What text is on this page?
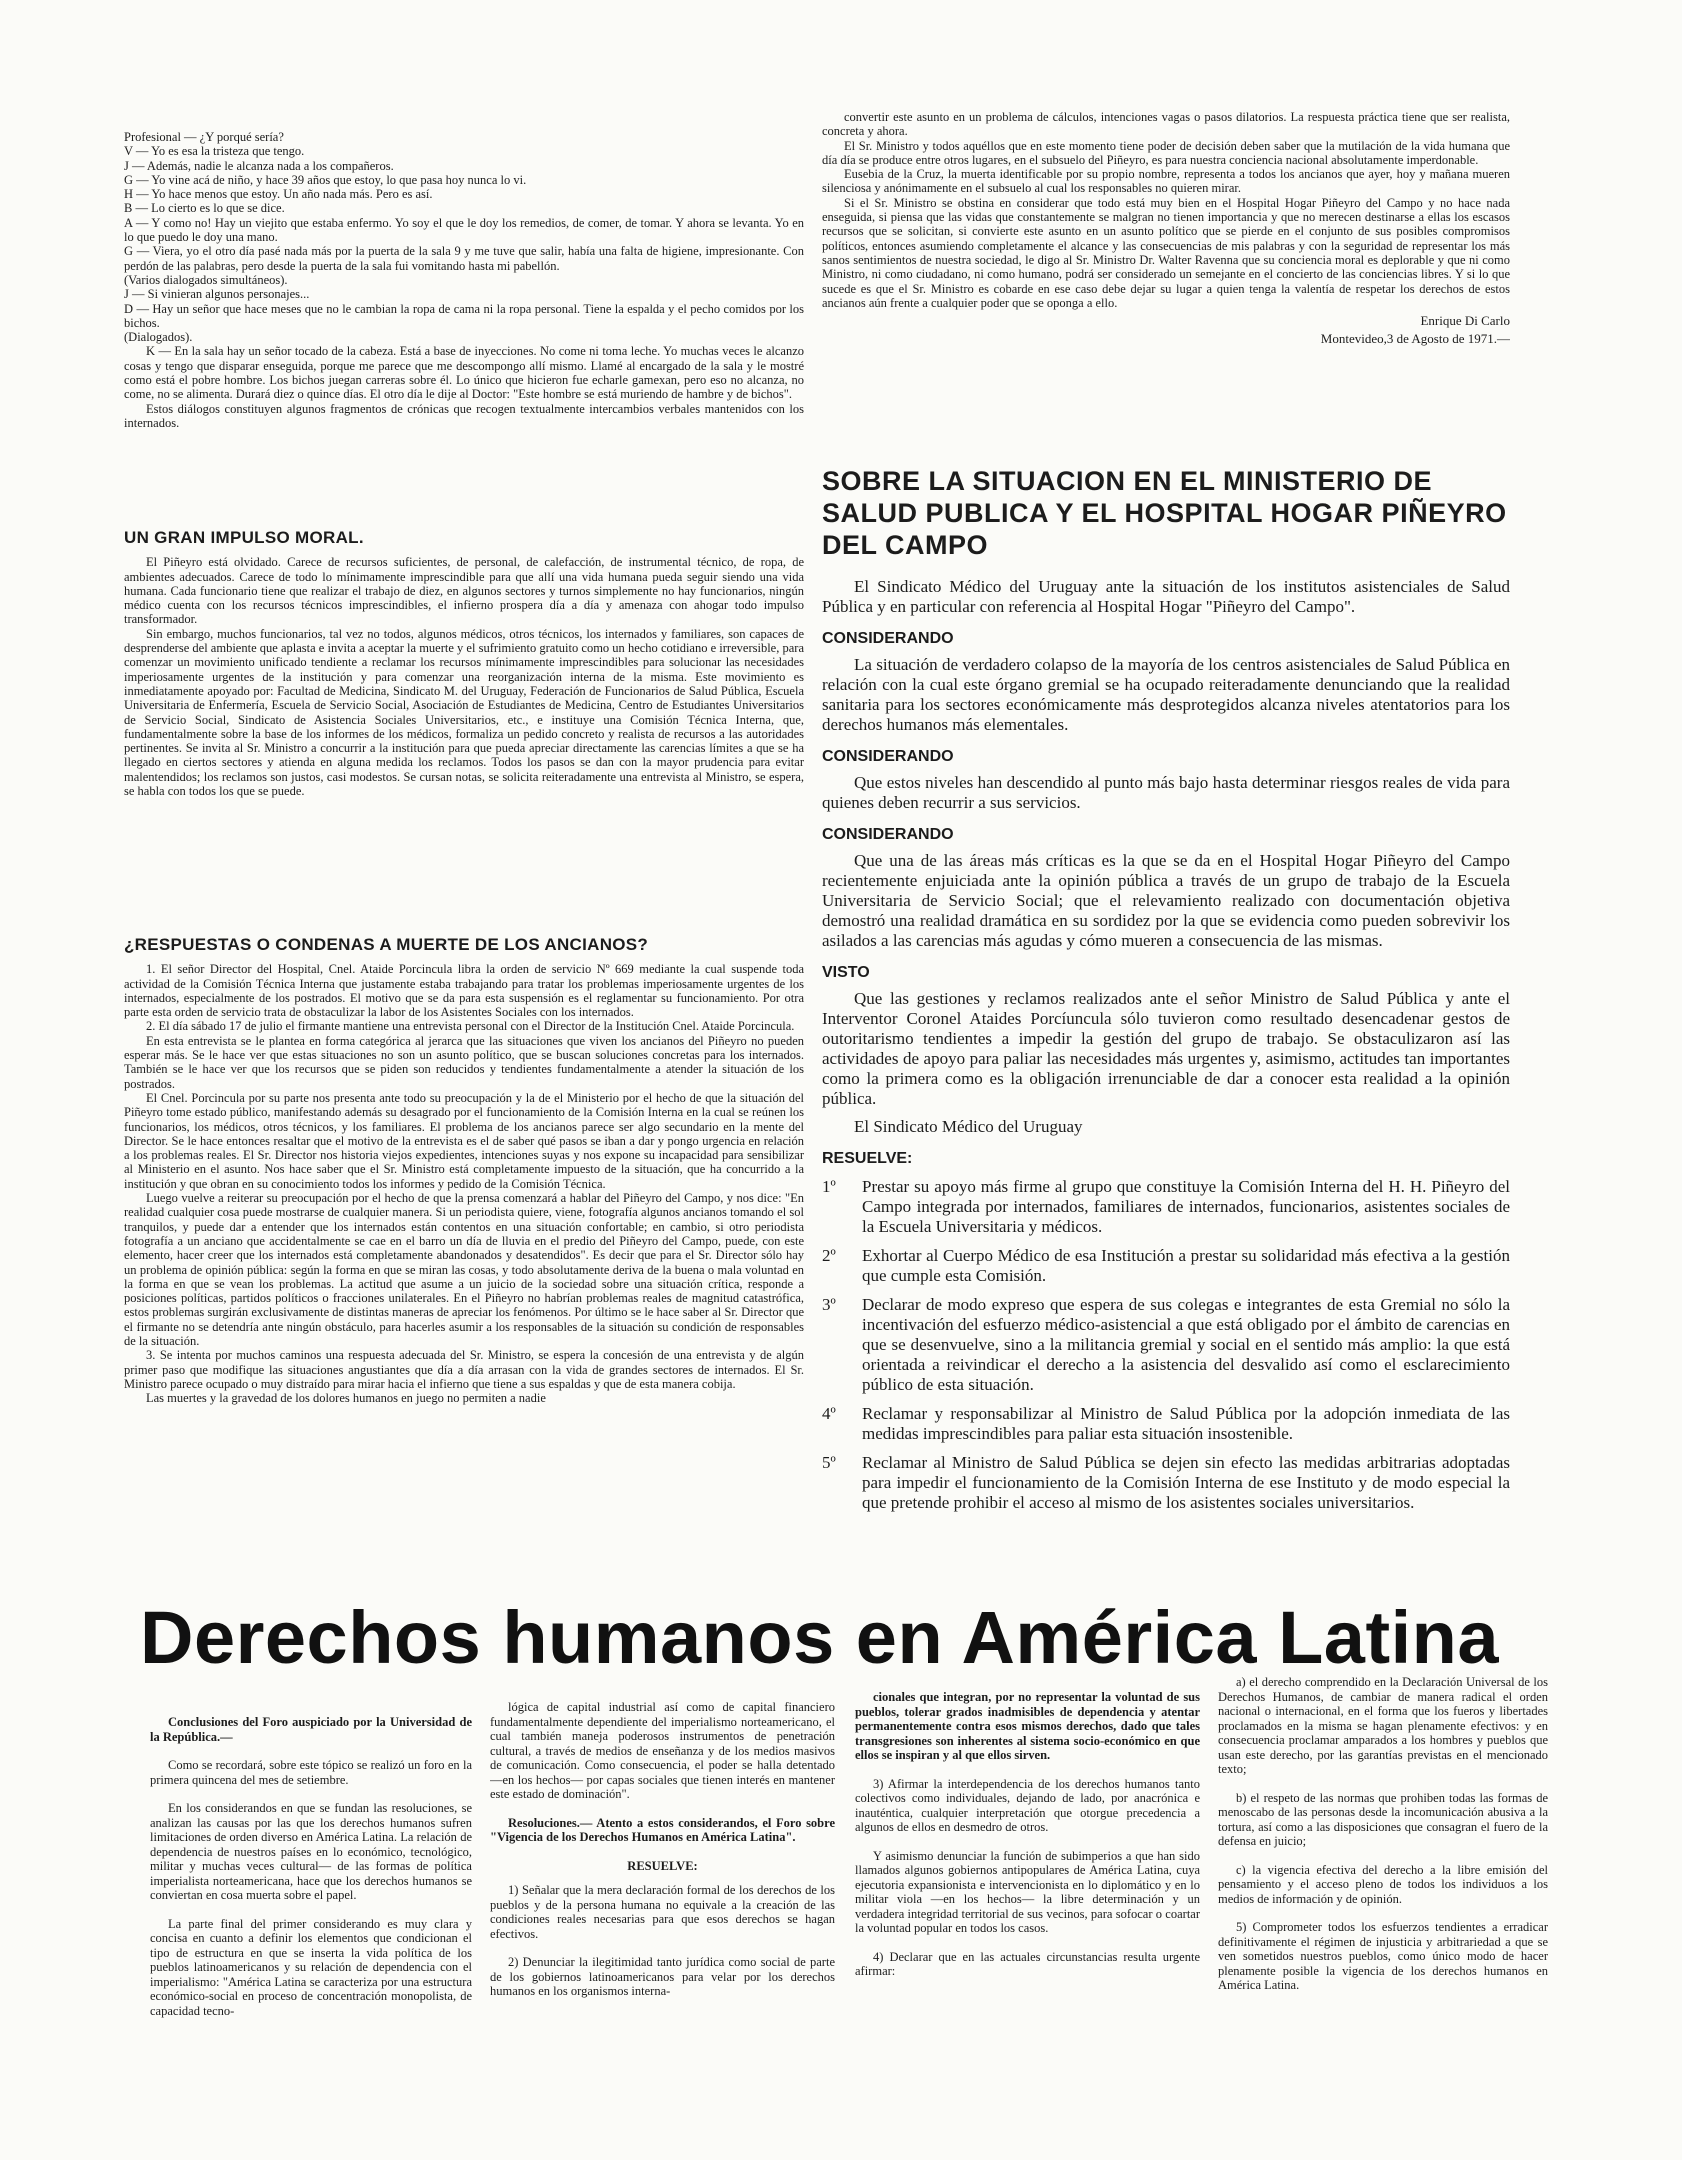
Profesional — ¿Y porqué sería?

V — Yo es esa la tristeza que tengo.

J — Además, nadie le alcanza nada a los compañeros.

G — Yo vine acá de niño, y hace 39 años que estoy, lo que pasa hoy nunca lo vi.

H — Yo hace menos que estoy. Un año nada más. Pero es así.

B — Lo cierto es lo que se dice.

A — Y como no! Hay un viejito que estaba enfermo. Yo soy el que le doy los remedios, de comer, de tomar. Y ahora se levanta. Yo en lo que puedo le doy una mano.

G — Viera, yo el otro día pasé nada más por la puerta de la sala 9 y me tuve que salir, había una falta de higiene, impresionante. Con perdón de las palabras, pero desde la puerta de la sala fui vomitando hasta mi pabellón.

(Varios dialogados simultáneos).

J — Si vinieran algunos personajes...

D — Hay un señor que hace meses que no le cambian la ropa de cama ni la ropa personal. Tiene la espalda y el pecho comidos por los bichos.

(Dialogados).

K — En la sala hay un señor tocado de la cabeza. Está a base de inyecciones. No come ni toma leche. Yo muchas veces le alcanzo cosas y tengo que disparar enseguida, porque me parece que me descompongo allí mismo. Llamé al encargado de la sala y le mostré como está el pobre hombre. Los bichos juegan carreras sobre él. Lo único que hicieron fue echarle gamexan, pero eso no alcanza, no come, no se alimenta. Durará diez o quince días. El otro día le dije al Doctor: "Este hombre se está muriendo de hambre y de bichos".

Estos diálogos constituyen algunos fragmentos de crónicas que recogen textualmente intercambios verbales mantenidos con los internados.

UN GRAN IMPULSO MORAL.

El Piñeyro está olvidado. Carece de recursos suficientes, de personal, de calefacción, de instrumental técnico, de ropa, de ambientes adecuados. Carece de todo lo mínimamente imprescindible para que allí una vida humana pueda seguir siendo una vida humana. Cada funcionario tiene que realizar el trabajo de diez, en algunos sectores y turnos simplemente no hay funcionarios, ningún médico cuenta con los recursos técnicos imprescindibles, el infierno prospera día a día y amenaza con ahogar todo impulso transformador.

Sin embargo, muchos funcionarios, tal vez no todos, algunos médicos, otros técnicos, los internados y familiares, son capaces de desprenderse del ambiente que aplasta e invita a aceptar la muerte y el sufrimiento gratuito como un hecho cotidiano e irreversible, para comenzar un movimiento unificado tendiente a reclamar los recursos mínimamente imprescindibles para solucionar las necesidades imperiosamente urgentes de la institución y para comenzar una reorganización interna de la misma. Este movimiento es inmediatamente apoyado por: Facultad de Medicina, Sindicato M. del Uruguay, Federación de Funcionarios de Salud Pública, Escuela Universitaria de Enfermería, Escuela de Servicio Social, Asociación de Estudiantes de Medicina, Centro de Estudiantes Universitarios de Servicio Social, Sindicato de Asistencia Sociales Universitarios, etc., e instituye una Comisión Técnica Interna, que, fundamentalmente sobre la base de los informes de los médicos, formaliza un pedido concreto y realista de recursos a las autoridades pertinentes. Se invita al Sr. Ministro a concurrir a la institución para que pueda apreciar directamente las carencias límites a que se ha llegado en ciertos sectores y atienda en alguna medida los reclamos. Todos los pasos se dan con la mayor prudencia para evitar malentendidos; los reclamos son justos, casi modestos. Se cursan notas, se solicita reiteradamente una entrevista al Ministro, se espera, se habla con todos los que se puede.

¿RESPUESTAS O CONDENAS A MUERTE DE LOS ANCIANOS?

1. El señor Director del Hospital, Cnel. Ataide Porcincula libra la orden de servicio Nº 669 mediante la cual suspende toda actividad de la Comisión Técnica Interna que justamente estaba trabajando para tratar los problemas imperiosamente urgentes de los internados, especialmente de los postrados. El motivo que se da para esta suspensión es el reglamentar su funcionamiento. Por otra parte esta orden de servicio trata de obstaculizar la labor de los Asistentes Sociales con los internados.

2. El día sábado 17 de julio el firmante mantiene una entrevista personal con el Director de la Institución Cnel. Ataide Porcincula.

En esta entrevista se le plantea en forma categórica al jerarca que las situaciones que viven los ancianos del Piñeyro no pueden esperar más. Se le hace ver que estas situaciones no son un asunto político, que se buscan soluciones concretas para los internados. También se le hace ver que los recursos que se piden son reducidos y tendientes fundamentalmente a atender la situación de los postrados.

El Cnel. Porcincula por su parte nos presenta ante todo su preocupación y la de el Ministerio por el hecho de que la situación del Piñeyro tome estado público, manifestando además su desagrado por el funcionamiento de la Comisión Interna en la cual se reúnen los funcionarios, los médicos, otros técnicos, y los familiares. El problema de los ancianos parece ser algo secundario en la mente del Director. Se le hace entonces resaltar que el motivo de la entrevista es el de saber qué pasos se iban a dar y pongo urgencia en relación a los problemas reales. El Sr. Director nos historia viejos expedientes, intenciones suyas y nos expone su incapacidad para sensibilizar al Ministerio en el asunto. Nos hace saber que el Sr. Ministro está completamente impuesto de la situación, que ha concurrido a la institución y que obran en su conocimiento todos los informes y pedido de la Comisión Técnica.

Luego vuelve a reiterar su preocupación por el hecho de que la prensa comenzará a hablar del Piñeyro del Campo, y nos dice: "En realidad cualquier cosa puede mostrarse de cualquier manera. Si un periodista quiere, viene, fotografía algunos ancianos tomando el sol tranquilos, y puede dar a entender que los internados están contentos en una situación confortable; en cambio, si otro periodista fotografía a un anciano que accidentalmente se cae en el barro un día de lluvia en el predio del Piñeyro del Campo, puede, con este elemento, hacer creer que los internados está completamente abandonados y desatendidos". Es decir que para el Sr. Director sólo hay un problema de opinión pública: según la forma en que se miran las cosas, y todo absolutamente deriva de la buena o mala voluntad en la forma en que se vean los problemas. La actitud que asume a un juicio de la sociedad sobre una situación crítica, responde a posiciones políticas, partidos políticos o fracciones unilaterales. En el Piñeyro no habrían problemas reales de magnitud catastrófica, estos problemas surgirán exclusivamente de distintas maneras de apreciar los fenómenos. Por último se le hace saber al Sr. Director que el firmante no se detendría ante ningún obstáculo, para hacerles asumir a los responsables de la situación su condición de responsables de la situación.

3. Se intenta por muchos caminos una respuesta adecuada del Sr. Ministro, se espera la concesión de una entrevista y de algún primer paso que modifique las situaciones angustiantes que día a día arrasan con la vida de grandes sectores de internados. El Sr. Ministro parece ocupado o muy distraído para mirar hacia el infierno que tiene a sus espaldas y que de esta manera cobija.

Las muertes y la gravedad de los dolores humanos en juego no permiten a nadie

convertir este asunto en un problema de cálculos, intenciones vagas o pasos dilatorios. La respuesta práctica tiene que ser realista, concreta y ahora.

El Sr. Ministro y todos aquéllos que en este momento tiene poder de decisión deben saber que la mutilación de la vida humana que día día se produce entre otros lugares, en el subsuelo del Piñeyro, es para nuestra conciencia nacional absolutamente imperdonable.

Eusebia de la Cruz, la muerta identificable por su propio nombre, representa a todos los ancianos que ayer, hoy y mañana mueren silenciosa y anónimamente en el subsuelo al cual los responsables no quieren mirar.

Si el Sr. Ministro se obstina en considerar que todo está muy bien en el Hospital Hogar Piñeyro del Campo y no hace nada enseguida, si piensa que las vidas que constantemente se malgran no tienen importancia y que no merecen destinarse a ellas los escasos recursos que se solicitan, si convierte este asunto en un asunto político que se pierde en el conjunto de sus posibles compromisos políticos, entonces asumiendo completamente el alcance y las consecuencias de mis palabras y con la seguridad de representar los más sanos sentimientos de nuestra sociedad, le digo al Sr. Ministro Dr. Walter Ravenna que su conciencia moral es deplorable y que ni como Ministro, ni como ciudadano, ni como humano, podrá ser considerado un semejante en el concierto de las conciencias libres. Y si lo que sucede es que el Sr. Ministro es cobarde en ese caso debe dejar su lugar a quien tenga la valentía de respetar los derechos de estos ancianos aún frente a cualquier poder que se oponga a ello.

Enrique Di Carlo
Montevideo,3 de Agosto de 1971.—
SOBRE LA SITUACION EN EL MINISTERIO DE SALUD PUBLICA Y EL HOSPITAL HOGAR PIÑEYRO DEL CAMPO

El Sindicato Médico del Uruguay ante la situación de los institutos asistenciales de Salud Pública y en particular con referencia al Hospital Hogar "Piñeyro del Campo".

CONSIDERANDO

La situación de verdadero colapso de la mayoría de los centros asistenciales de Salud Pública en relación con la cual este órgano gremial se ha ocupado reiteradamente denunciando que la realidad sanitaria para los sectores económicamente más desprotegidos alcanza niveles atentatorios para los derechos humanos más elementales.

CONSIDERANDO

Que estos niveles han descendido al punto más bajo hasta determinar riesgos reales de vida para quienes deben recurrir a sus servicios.

CONSIDERANDO

Que una de las áreas más críticas es la que se da en el Hospital Hogar Piñeyro del Campo recientemente enjuiciada ante la opinión pública a través de un grupo de trabajo de la Escuela Universitaria de Servicio Social; que el relevamiento realizado con documentación objetiva demostró una realidad dramática en su sordidez por la que se evidencia como pueden sobrevivir los asilados a las carencias más agudas y cómo mueren a consecuencia de las mismas.

VISTO

Que las gestiones y reclamos realizados ante el señor Ministro de Salud Pública y ante el Interventor Coronel Ataides Porcíuncula sólo tuvieron como resultado desencadenar gestos de outoritarismo tendientes a impedir la gestión del grupo de trabajo. Se obstaculizaron así las actividades de apoyo para paliar las necesidades más urgentes y, asimismo, actitudes tan importantes como la primera como es la obligación irrenunciable de dar a conocer esta realidad a la opinión pública.

El Sindicato Médico del Uruguay

RESUELVE:
1º	Prestar su apoyo más firme al grupo que constituye la Comisión Interna del H. H. Piñeyro del Campo integrada por internados, familiares de internados, funcionarios, asistentes sociales de la Escuela Universitaria y médicos.
2º	Exhortar al Cuerpo Médico de esa Institución a prestar su solidaridad más efectiva a la gestión que cumple esta Comisión.
3º	Declarar de modo expreso que espera de sus colegas e integrantes de esta Gremial no sólo la incentivación del esfuerzo médico-asistencial a que está obligado por el ámbito de carencias en que se desenvuelve, sino a la militancia gremial y social en el sentido más amplio: la que está orientada a reivindicar el derecho a la asistencia del desvalido así como el esclarecimiento público de esta situación.
4º	Reclamar y responsabilizar al Ministro de Salud Pública por la adopción inmediata de las medidas imprescindibles para paliar esta situación insostenible.
5º	Reclamar al Ministro de Salud Pública se dejen sin efecto las medidas arbitrarias adoptadas para impedir el funcionamiento de la Comisión Interna de ese Instituto y de modo especial la que pretende prohibir el acceso al mismo de los asistentes sociales universitarios.
Derechos humanos en América Latina

Conclusiones del Foro auspiciado por la Universidad de la República.—

Como se recordará, sobre este tópico se realizó un foro en la primera quincena del mes de setiembre.

En los considerandos en que se fundan las resoluciones, se analizan las causas por las que los derechos humanos sufren limitaciones de orden diverso en América Latina. La relación de dependencia de nuestros países en lo económico, tecnológico, militar y muchas veces cultural— de las formas de política imperialista norteamericana, hace que los derechos humanos se conviertan en cosa muerta sobre el papel.

La parte final del primer considerando es muy clara y concisa en cuanto a definir los elementos que condicionan el tipo de estructura en que se inserta la vida política de los pueblos latinoamericanos y su relación de dependencia con el imperialismo: "América Latina se caracteriza por una estructura económico-social en proceso de concentración monopolista, de capacidad tecno-

lógica de capital industrial así como de capital financiero fundamentalmente dependiente del imperialismo norteamericano, el cual también maneja poderosos instrumentos de penetración cultural, a través de medios de enseñanza y de los medios masivos de comunicación. Como consecuencia, el poder se halla detentado —en los hechos— por capas sociales que tienen interés en mantener este estado de dominación".

Resoluciones.— Atento a estos considerandos, el Foro sobre "Vigencia de los Derechos Humanos en América Latina".

RESUELVE:

1) Señalar que la mera declaración formal de los derechos de los pueblos y de la persona humana no equivale a la creación de las condiciones reales necesarias para que esos derechos se hagan efectivos.

2) Denunciar la ilegitimidad tanto jurídica como social de parte de los gobiernos latinoamericanos para velar por los derechos humanos en los organismos interna-

cionales que integran, por no representar la voluntad de sus pueblos, tolerar grados inadmisibles de dependencia y atentar permanentemente contra esos mismos derechos, dado que tales transgresiones son inherentes al sistema socio-económico en que ellos se inspiran y al que ellos sirven.

3) Afirmar la interdependencia de los derechos humanos tanto colectivos como individuales, dejando de lado, por anacrónica e inauténtica, cualquier interpretación que otorgue precedencia a algunos de ellos en desmedro de otros.

Y asimismo denunciar la función de subimperios a que han sido llamados algunos gobiernos antipopulares de América Latina, cuya ejecutoria expansionista e intervencionista en lo diplomático y en lo militar viola —en los hechos— la libre determinación y un verdadera integridad territorial de sus vecinos, para sofocar o coartar la voluntad popular en todos los casos.

4) Declarar que en las actuales circunstancias resulta urgente afirmar:

a) el derecho comprendido en la Declaración Universal de los Derechos Humanos, de cambiar de manera radical el orden nacional o internacional, en el forma que los fueros y libertades proclamados en la misma se hagan plenamente efectivos: y en consecuencia proclamar amparados a los hombres y pueblos que usan este derecho, por las garantías previstas en el mencionado texto;

b) el respeto de las normas que prohiben todas las formas de menoscabo de las personas desde la incomunicación abusiva a la tortura, así como a las disposiciones que consagran el fuero de la defensa en juicio;

c) la vigencia efectiva del derecho a la libre emisión del pensamiento y el acceso pleno de todos los individuos a los medios de información y de opinión.

5) Comprometer todos los esfuerzos tendientes a erradicar definitivamente el régimen de injusticia y arbitrariedad a que se ven sometidos nuestros pueblos, como único modo de hacer plenamente posible la vigencia de los derechos humanos en América Latina.
